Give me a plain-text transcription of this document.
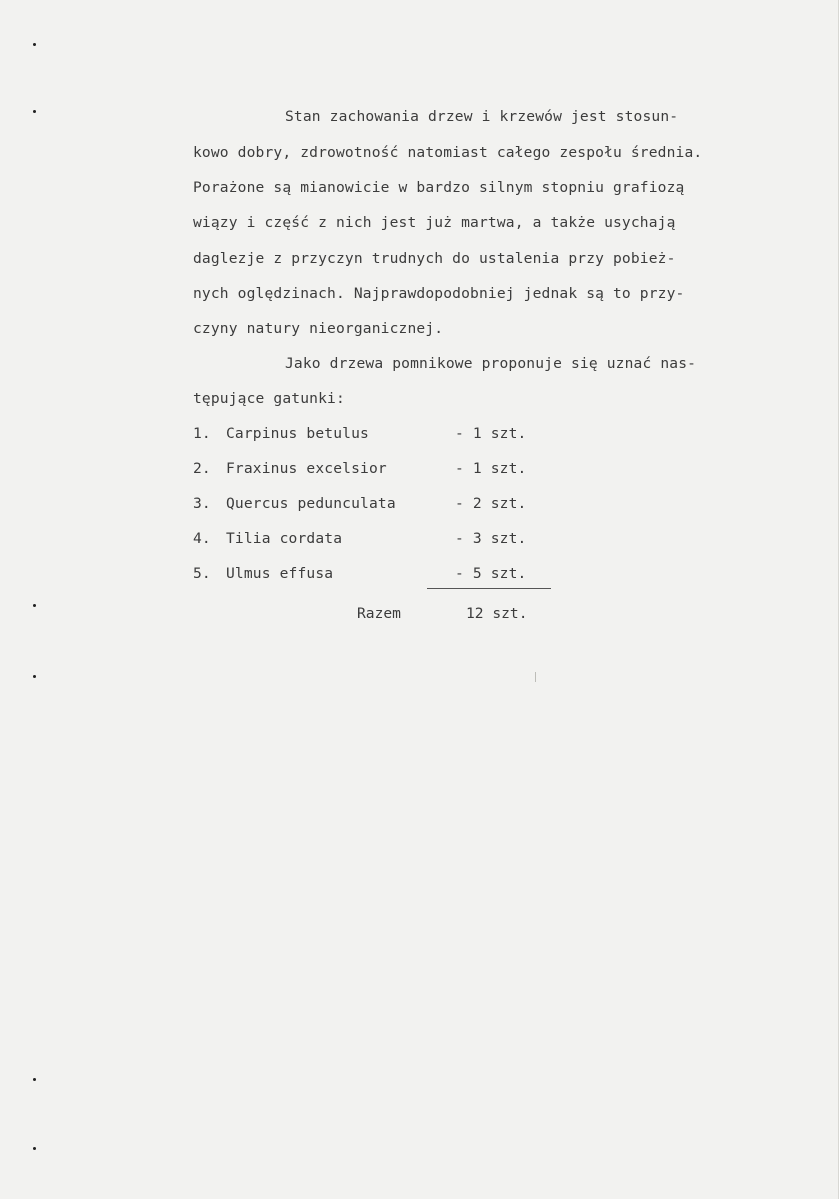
Stan zachowania drzew i krzewów jest stosun-
kowo dobry, zdrowotność natomiast całego zespołu średnia.
Porażone są mianowicie w bardzo silnym stopniu grafiozą
wiązy i część z nich jest już martwa, a także usychają
daglezje z przyczyn trudnych do ustalenia przy pobież-
nych oględzinach. Najprawdopodobniej jednak są to przy-
czyny natury nieorganicznej.
Jako drzewa pomnikowe proponuje się uznać nas-
tępujące gatunki:
1. Carpinus betulus	- 1 szt.
2. Fraxinus excelsior	- 1 szt.
3. Quercus pedunculata	- 2 szt.
4. Tilia cordata	- 3 szt.
5. Ulmus effusa	- 5 szt.
Razem	12 szt.
